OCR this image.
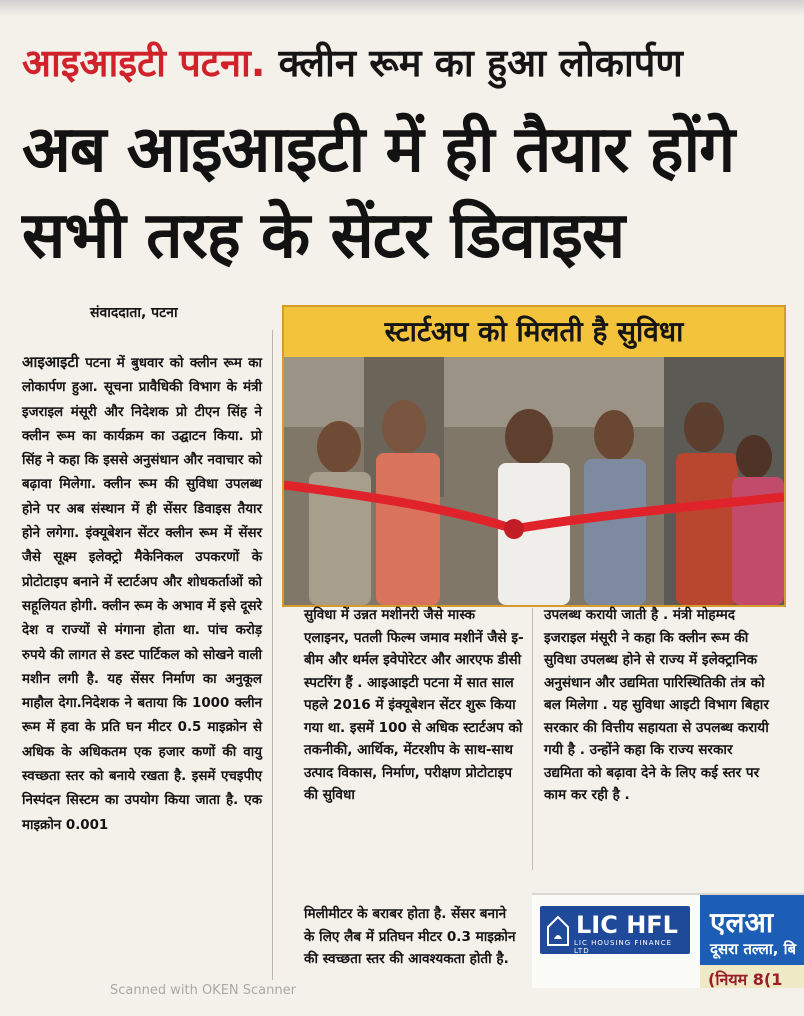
आइआइटी पटना. क्लीन रूम का हुआ लोकार्पण
अब आइआइटी में ही तैयार होंगे
सभी तरह के सेंटर डिवाइस
संवाददाता, पटना
आइआइटी पटना में बुधवार को क्लीन रूम का लोकार्पण हुआ. सूचना प्रावैधिकी विभाग के मंत्री इजराइल मंसूरी और निदेशक प्रो टीएन सिंह ने क्लीन रूम का कार्यक्रम का उद्घाटन किया. प्रो सिंह ने कहा कि इससे अनुसंधान और नवाचार को बढ़ावा मिलेगा. क्लीन रूम की सुविधा उपलब्ध होने पर अब संस्थान में ही सेंसर डिवाइस तैयार होने लगेगा. इंक्यूबेशन सेंटर क्लीन रूम में सेंसर जैसे सूक्ष्म इलेक्ट्रो मैकेनिकल उपकरणों के प्रोटोटाइप बनाने में स्टार्टअप और शोधकर्ताओं को सहूलियत होगी. क्लीन रूम के अभाव में इसे दूसरे देश व राज्यों से मंगाना होता था. पांच करोड़ रुपये की लागत से डस्ट पार्टिकल को सोखने वाली मशीन लगी है. यह सेंसर निर्माण का अनुकूल माहौल देगा.निदेशक ने बताया कि 1000 क्लीन रूम में हवा के प्रति घन मीटर 0.5 माइक्रोन से अधिक के अधिकतम एक हजार कणों की वायु स्वच्छता स्तर को बनाये रखता है. इसमें एचइपीए निस्पंदन सिस्टम का उपयोग किया जाता है. एक माइक्रोन 0.001
स्टार्टअप को मिलती है सुविधा
सुविधा में उन्नत मशीनरी जैसे मास्क एलाइनर, पतली फिल्म जमाव मशीनें जैसे इ-बीम और थर्मल इवेपोरेटर और आरएफ डीसी स्पटरिंग हैं . आइआइटी पटना में सात साल पहले 2016 में इंक्यूबेशन सेंटर शुरू किया गया था. इसमें 100 से अधिक स्टार्टअप को तकनीकी, आर्थिक, मेंटरशीप के साथ-साथ उत्पाद विकास, निर्माण, परीक्षण प्रोटोटाइप की सुविधा
उपलब्ध करायी जाती है . मंत्री मोहम्मद इजराइल मंसूरी ने कहा कि क्लीन रूम की सुविधा उपलब्ध होने से राज्य में इलेक्ट्रानिक अनुसंधान और उद्यमिता पारिस्थितिकी तंत्र को बल मिलेगा . यह सुविधा आइटी विभाग बिहार सरकार की वित्तीय सहायता से उपलब्ध करायी गयी है . उन्होंने कहा कि राज्य सरकार उद्यमिता को बढ़ावा देने के लिए कई स्तर पर काम कर रही है .
मिलीमीटर के बराबर होता है. सेंसर बनाने के लिए लैब में प्रतिघन मीटर 0.3 माइक्रोन की स्वच्छता स्तर की आवश्यकता होती है.
LIC HFL
LIC HOUSING FINANCE LTD
एलआ
दूसरा तल्ला, बि
(नियम 8(1
Scanned with OKEN Scanner
